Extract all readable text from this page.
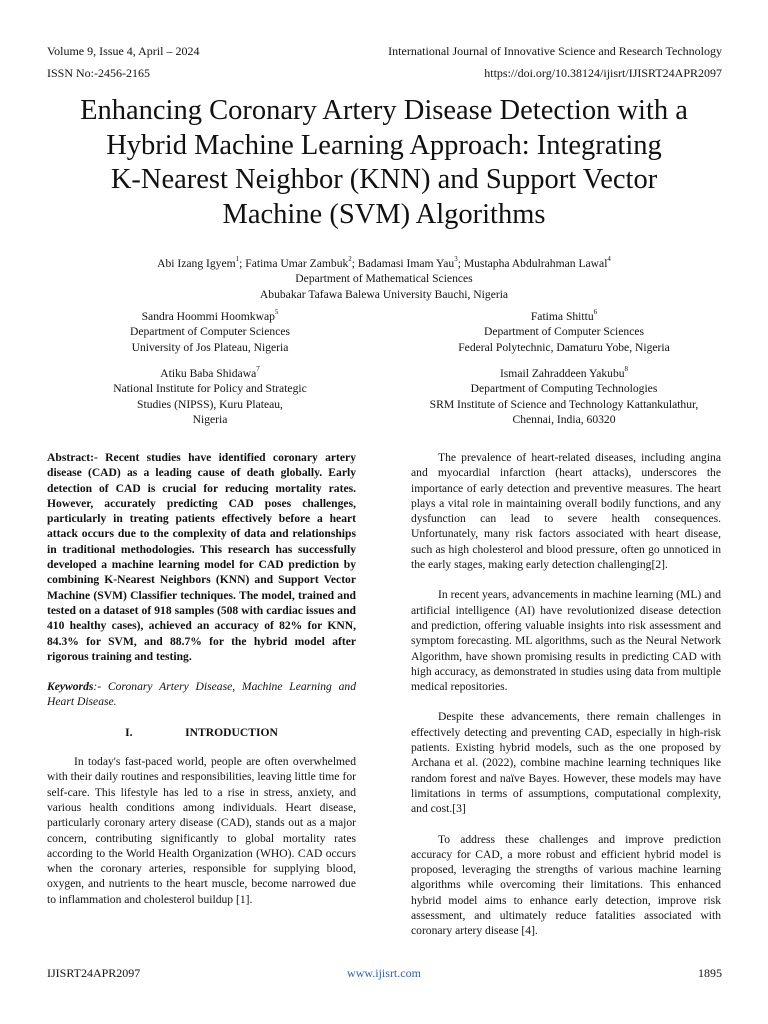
Volume 9, Issue 4, April – 2024	International Journal of Innovative Science and Research Technology
ISSN No:-2456-2165	https://doi.org/10.38124/ijisrt/IJISRT24APR2097
Enhancing Coronary Artery Disease Detection with a
Hybrid Machine Learning Approach: Integrating
K-Nearest Neighbor (KNN) and Support Vector
Machine (SVM) Algorithms
Abi Izang Igyem$^1$; Fatima Umar Zambuk$^2$; Badamasi Imam Yau$^3$; Mustapha Abdulrahman Lawal$^4$
Department of Mathematical Sciences
Abubakar Tafawa Balewa University Bauchi, Nigeria
Sandra Hoommi Hoomkwap$^5$
Department of Computer Sciences
University of Jos Plateau, Nigeria
Fatima Shittu$^6$
Department of Computer Sciences
Federal Polytechnic, Damaturu Yobe, Nigeria
Atiku Baba Shidawa$^7$
National Institute for Policy and Strategic
Studies (NIPSS), Kuru Plateau,
Nigeria
Ismail Zahraddeen Yakubu$^8$
Department of Computing Technologies
SRM Institute of Science and Technology Kattankulathur,
Chennai, India, 60320

Abstract:- Recent studies have identified coronary artery disease (CAD) as a leading cause of death globally. Early detection of CAD is crucial for reducing mortality rates. However, accurately predicting CAD poses challenges, particularly in treating patients effectively before a heart attack occurs due to the complexity of data and relationships in traditional methodologies. This research has successfully developed a machine learning model for CAD prediction by combining K-Nearest Neighbors (KNN) and Support Vector Machine (SVM) Classifier techniques. The model, trained and tested on a dataset of 918 samples (508 with cardiac issues and 410 healthy cases), achieved an accuracy of 82% for KNN, 84.3% for SVM, and 88.7% for the hybrid model after rigorous training and testing.

Keywords:- Coronary Artery Disease, Machine Learning and Heart Disease.

I.	INTRODUCTION

In today's fast-paced world, people are often overwhelmed with their daily routines and responsibilities, leaving little time for self-care. This lifestyle has led to a rise in stress, anxiety, and various health conditions among individuals. Heart disease, particularly coronary artery disease (CAD), stands out as a major concern, contributing significantly to global mortality rates according to the World Health Organization (WHO). CAD occurs when the coronary arteries, responsible for supplying blood, oxygen, and nutrients to the heart muscle, become narrowed due to inflammation and cholesterol buildup [1].

The prevalence of heart-related diseases, including angina and myocardial infarction (heart attacks), underscores the importance of early detection and preventive measures. The heart plays a vital role in maintaining overall bodily functions, and any dysfunction can lead to severe health consequences. Unfortunately, many risk factors associated with heart disease, such as high cholesterol and blood pressure, often go unnoticed in the early stages, making early detection challenging[2].

In recent years, advancements in machine learning (ML) and artificial intelligence (AI) have revolutionized disease detection and prediction, offering valuable insights into risk assessment and symptom forecasting. ML algorithms, such as the Neural Network Algorithm, have shown promising results in predicting CAD with high accuracy, as demonstrated in studies using data from multiple medical repositories.

Despite these advancements, there remain challenges in effectively detecting and preventing CAD, especially in high-risk patients. Existing hybrid models, such as the one proposed by Archana et al. (2022), combine machine learning techniques like random forest and naïve Bayes. However, these models may have limitations in terms of assumptions, computational complexity, and cost.[3]

To address these challenges and improve prediction accuracy for CAD, a more robust and efficient hybrid model is proposed, leveraging the strengths of various machine learning algorithms while overcoming their limitations. This enhanced hybrid model aims to enhance early detection, improve risk assessment, and ultimately reduce fatalities associated with coronary artery disease [4].

IJISRT24APR2097	www.ijisrt.com	1895
